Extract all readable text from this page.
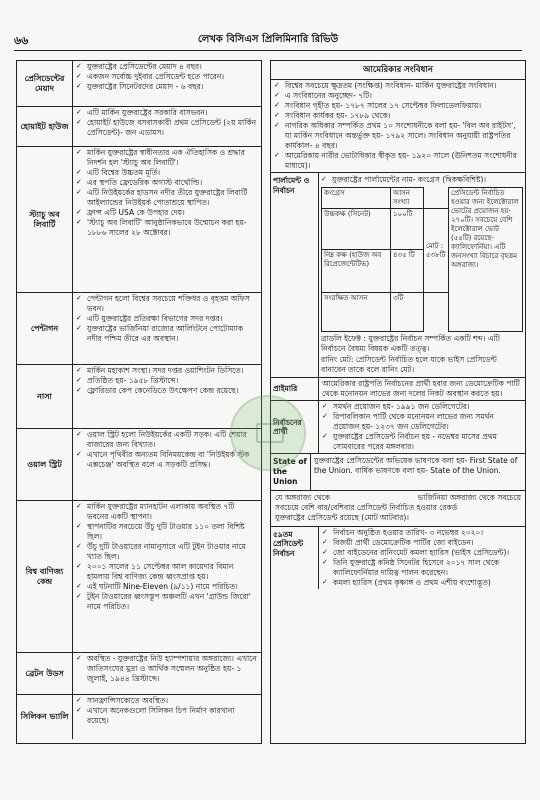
৬৬	লেখক বিসিএস প্রিলিমিনারি রিভিউ
প্রেসিডেন্টের মেয়াদ
✓ যুক্তরাষ্ট্রের প্রেসিডেন্টের মেয়াদ ৪ বছর।
✓ একজন সর্বোচ্চ দুইবার প্রেসিডেন্ট হতে পারেন।
✓ যুক্তরাষ্ট্রের সিনেটরদের মেয়াদ - ৬ বছর।
হোয়াইট হাউজ
✓ এটি মার্কিন যুক্তরাষ্ট্রের সরকারি বাসভবন।
✓ হোয়াইট হাউজে বসবাসকারী প্রথম প্রেসিডেন্ট (২য় মার্কিন প্রেসিডেন্ট)- জন এডামস।
স্ট্যাচু অব লিবার্টি
✓ মার্কিন যুক্তরাষ্ট্রের স্বাধীনতার এক ঐতিহাসিক ও শ্রদ্ধার নিদর্শন হল 'স্ট্যাচু অব লিবার্টি'।
✓ এটি বিশ্বের উচ্চতম মূর্তি।
✓ এর স্থপতি ফ্রেডেরিক অগাস্ট বার্থোল্ডি।
✓ এটি নিউইয়র্কের হাডসন নদীর তীরে যুক্তরাষ্ট্রের লিবার্টি আইল্যান্ডের নিউইয়র্ক পোতাশ্রয়ে স্থাপিত।
✓ ফ্রান্স এটি USA কে উপহার দেয়।
✓ 'স্ট্যাচু অব লিবার্টি' আনুষ্ঠানিকভাবে উন্মোচন করা হয়- ১৮৮৬ সালের ২৮ অক্টোবর।
পেন্টাগন
✓ পেন্টাগন হলো বিশ্বের সবচেয়ে শক্তিধর ও বৃহত্তম অফিস ভবন।
✓ এটি যুক্তরাষ্ট্রের প্রতিরক্ষা বিভাগের সদর দপ্তর।
✓ যুক্তরাষ্ট্রের ভার্জিনিয়া রাজ্যের আর্লিংটনে পোটোম্যাক নদীর পশ্চিম তীরে এর অবস্থান।
নাসা
✓ মার্কিন মহাকাশ সংস্থা। সদর দপ্তর ওয়াশিংটন ডিসিতে।
✓ প্রতিষ্ঠিত হয়- ১৯৫৮ খ্রিস্টাব্দে।
✓ ফ্লোরিডার কেপ কেনেডিতে উৎক্ষেপণ কেন্দ্র রয়েছে।
ওয়াল স্ট্রিট
✓ ওয়াল স্ট্রিট হলো নিউইয়র্কের একটি সড়ক। এটি শেয়ার বাজারের জন্য বিখ্যাত।
✓ এখানে পৃথিবীর অন্যতম বিনিময়কেন্দ্র বা 'নিউইয়র্ক স্টক এক্সচেঞ্জ' অবস্থিত বলে এ সড়কটি প্রসিদ্ধ।
বিশ্ব বাণিজ্য কেন্দ্র
✓ মার্কিন যুক্তরাষ্ট্রের ম্যানহাটন এলাকায় অবস্থিত ৭টি ভবনের একটি স্থাপনা।
✓ স্থাপনাটির সবচেয়ে উঁচু দুটি টাওয়ার ১১০ তলা বিশিষ্ট ছিল।
✓ উঁচু দুটি টাওয়ারের নামানুসারে এটি টুইন টাওয়ার নামে খ্যাত ছিল।
✓ ২০০১ সালের ১১ সেপ্টেম্বর আল কায়েদার বিমান হামলায় বিশ্ব বাণিজ্য কেন্দ্র ধ্বংসপ্রাপ্ত হয়।
✓ এই ঘটনাটি Nine-Eleven (৯/১১) নামে পরিচিত।
✓ টুইন টাওয়ারের ধ্বংসস্তূপ অঞ্চলটি এখন 'গ্রাউন্ড জিরো' নামে পরিচিত।
ব্রেটন উডস
✓ অবস্থিত - যুক্তরাষ্ট্রের নিউ হ্যাম্পশায়ার অঙ্গরাজ্যে। এখানে জাতিসংঘের মুদ্রা ও আর্থিক সম্মেলন অনুষ্ঠিত হয়- ১ জুলাই, ১৯৪৪ খ্রিস্টাব্দে।
সিলিকন ভ্যালি
✓ সানফ্রান্সিসকোতে অবস্থিত।
✓ এখানে অনেকগুলো সিলিকন চিপ নির্মাণ কারখানা রয়েছে।
আমেরিকার সংবিধান
✓ বিশ্বের সবচেয়ে ক্ষুদ্রতম (সংক্ষিপ্ত) সংবিধান- মার্কিন যুক্তরাষ্ট্রের সংবিধান।
✓ এ সংবিধানের অনুচ্ছেদ- ৭টি।
✓ সংবিধান গৃহীত হয়- ১৭৮৭ সালের ১৭ সেপ্টেম্বর ফিলাডেলফিয়ায়।
✓ সংবিধান কার্যকর হয়- ১৭৮৯ থেকে।
✓ নাগরিক অধিকার সম্পর্কিত প্রথম ১০ সংশোধনীকে বলা হয়- 'বিল অব রাইটস', যা মার্কিন সংবিধানে অন্তর্ভুক্ত হয়- ১৭৯২ সালে। সংবিধান অনুযায়ী রাষ্ট্রপতির কার্যকাল- ৪ বছর।
✓ আমেরিকায় নারীর ভোটাধিকার স্বীকৃত হয়- ১৯২০ সালে (ঊনিশতম সংশোধনীর মাধ্যমে)।
পার্লামেন্ট ও নির্বাচন
✓ যুক্তরাষ্ট্রের পার্লামেন্টের নাম- কংগ্রেস (দ্বিকক্ষবিশিষ্ট)।
কংগ্রেস	আসন সংখ্যা		প্রেসিডেন্ট নির্বাচিত হওয়ার জন্য ইলেক্টোরাল ভোটের প্রয়োজন হয়- ২৭০টি। সবচেয়ে বেশি ইলেক্টোরাল ভোট (৫৫টি) রয়েছে- ক্যালিফোর্নিয়া। এটি জনসংখ্যা বিচারে বৃহত্তম অঙ্গরাজ্য।
উচ্চকক্ষ (সিনেট)	১০০টি	মোট : ৫৩৮টি	
নিম্ন কক্ষ (হাউজ অব রিপ্রেজেন্টেটিভ)	৪৩৫ টি		
সংরক্ষিত আসন	৩টি		
ব্রাডলি ইফেক্ট : যুক্তরাষ্ট্রের নির্বাচন সম্পর্কিত একটি শব্দ। এটি নির্বাচনে বৈষম্য বিষয়ক একটি তত্ত্ব।
রানিং মেট: প্রেসিডেন্ট নির্বাচিত হলে যাকে ভাইস প্রেসিডেন্ট বানাবেন তাকে বলে রানিং মেট।
প্রাইমারি
আমেরিকার রাষ্ট্রপতি নির্বাচনের প্রার্থী হবার জন্য ডেমোক্রেটিক পার্টি থেকে মনোনয়ন লাভের জন্য দলের নিকট অবস্থান করতে হয়।
নির্বাচনের প্রার্থী
✓ সমর্থন প্রয়োজন হয়- ১৯৯১ জন ডেলিগেটের।
✓ রিপাবলিকান পার্টি থেকে মনোনয়ন লাভের জন্য সমর্থন প্রয়োজন হয়- ১২৩৭ জন ডেলিগেটের।
✓ যুক্তরাষ্ট্রের প্রেসিডেন্ট নির্বাচন হয় - নভেম্বর মাসের প্রথম সোমবারের পরের মঙ্গলবার।
State of the Union
যুক্তরাষ্ট্রের প্রেসিডেন্টের অভিষেক ভাষণকে বলা হয়- First State of the Union. বার্ষিক ভাষণকে বলা হয়- State of the Union.
যে অঙ্গরাজ্য থেকে	ভার্জিনিয়া অঙ্গরাজ্য থেকে সবচেয়ে
সবচেয়ে বেশি বার/বেশিবার প্রেসিডেন্ট নির্বাচিত হওয়ার রেকর্ড
যুক্তরাষ্ট্রের প্রেসিডেন্ট রয়েছে (মোট আটবার)।
৫৯তম প্রেসিডেন্ট নির্বাচন
✓ নির্বাচন অনুষ্ঠিত হওয়ার তারিখ- ৩ নভেম্বর ২০২০।
✓ বিজয়ী প্রার্থী ডেমোক্রেটিক পার্টির জো বাইডেন।
✓ জো বাইডেনের রানিংমেট কমলা হ্যারিস (ভাইস প্রেসিডেন্ট)।
✓ তিনি যুক্তরাষ্ট্রে কনিষ্ঠ সিনেটর হিসেবে ২০১৭ সাল থেকে ক্যালিফোর্নিয়ার দায়িত্ব পালন করেছেন।
✓ কমলা হ্যারিস (প্রথম কৃষ্ণাঙ্গ ও প্রথম এশীয় বংশোদ্ভূত)
